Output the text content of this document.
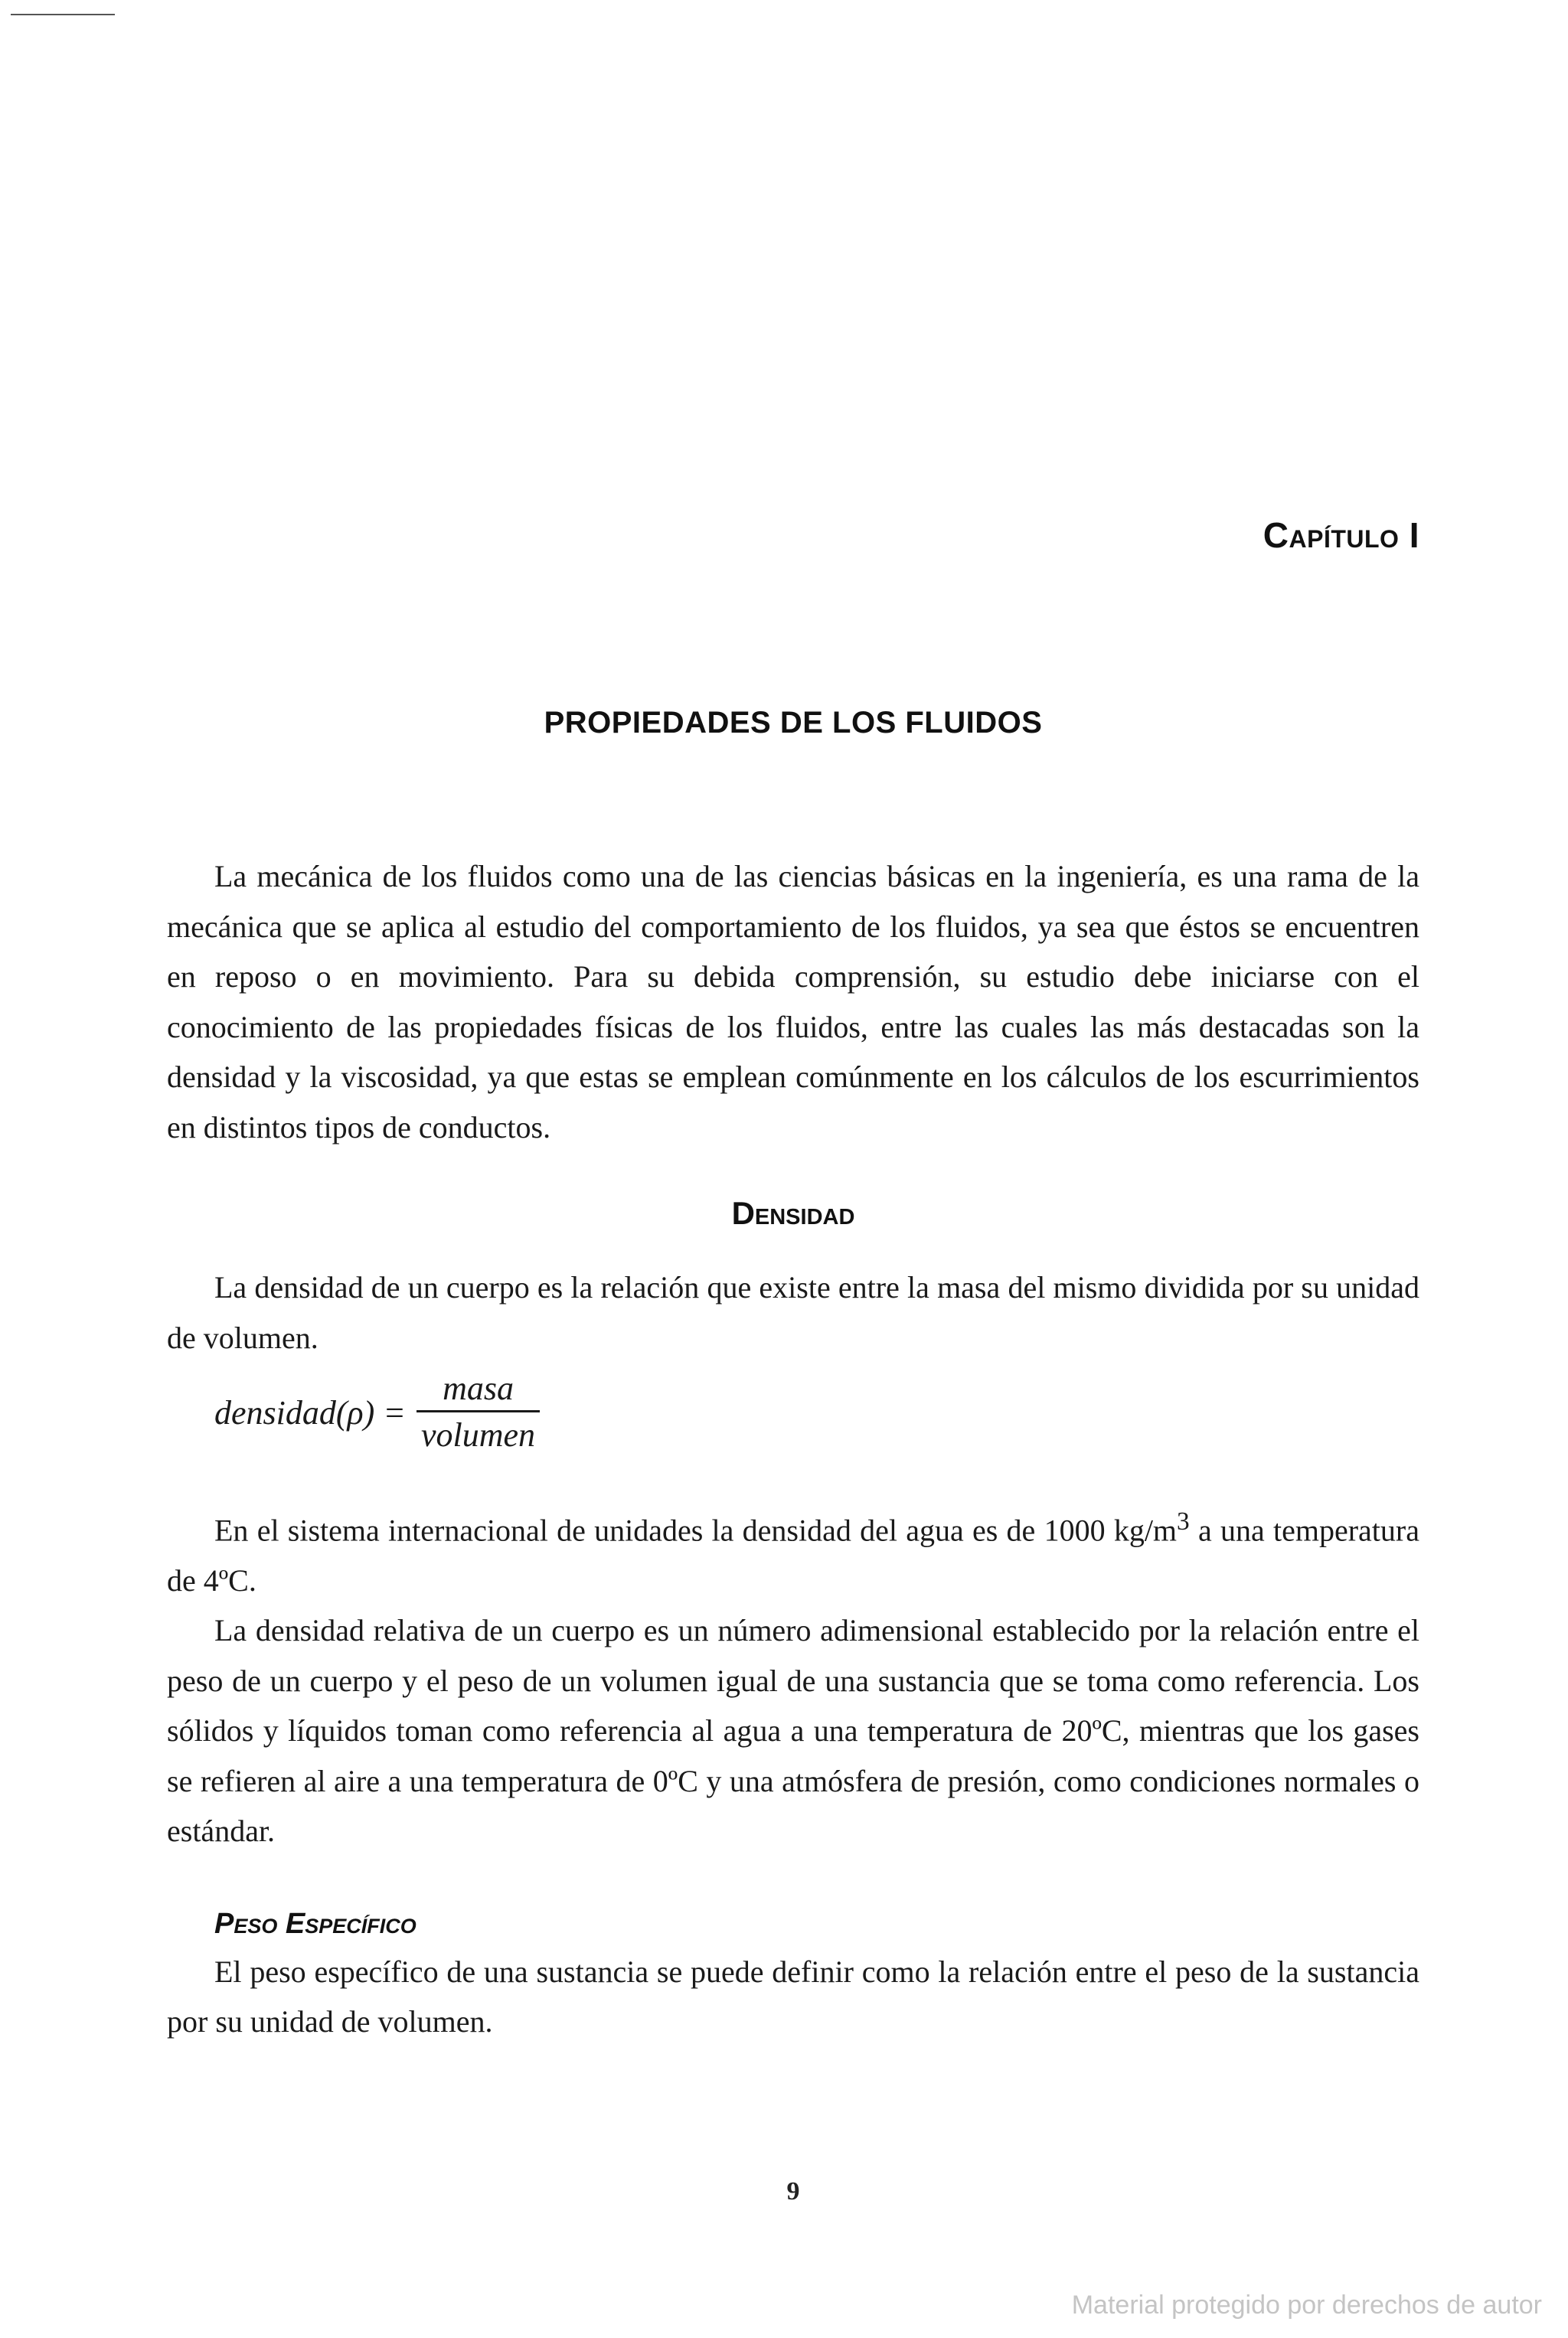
Capítulo I
PROPIEDADES DE LOS FLUIDOS

La mecánica de los fluidos como una de las ciencias básicas en la ingeniería, es una rama de la mecánica que se aplica al estudio del comportamiento de los fluidos, ya sea que éstos se encuentren en reposo o en movimiento. Para su debida comprensión, su estudio debe iniciarse con el conocimiento de las propiedades físicas de los fluidos, entre las cuales las más destacadas son la densidad y la viscosidad, ya que estas se emplean comúnmente en los cálculos de los escurrimientos en distintos tipos de conductos.

Densidad

La densidad de un cuerpo es la relación que existe entre la masa del mismo dividida por su unidad de volumen.

densidad(ρ) = $\frac{\text{masa}}{\text{volumen}}$

En el sistema internacional de unidades la densidad del agua es de 1000 $kg/m^3$ a una temperatura de 4ºC.

La densidad relativa de un cuerpo es un número adimensional establecido por la relación entre el peso de un cuerpo y el peso de un volumen igual de una sustancia que se toma como referencia. Los sólidos y líquidos toman como referencia al agua a una temperatura de 20ºC, mientras que los gases se refieren al aire a una temperatura de 0ºC y una atmósfera de presión, como condiciones normales o estándar.

Peso Específico

El peso específico de una sustancia se puede definir como la relación entre el peso de la sustancia por su unidad de volumen.

9
Material protegido por derechos de autor
